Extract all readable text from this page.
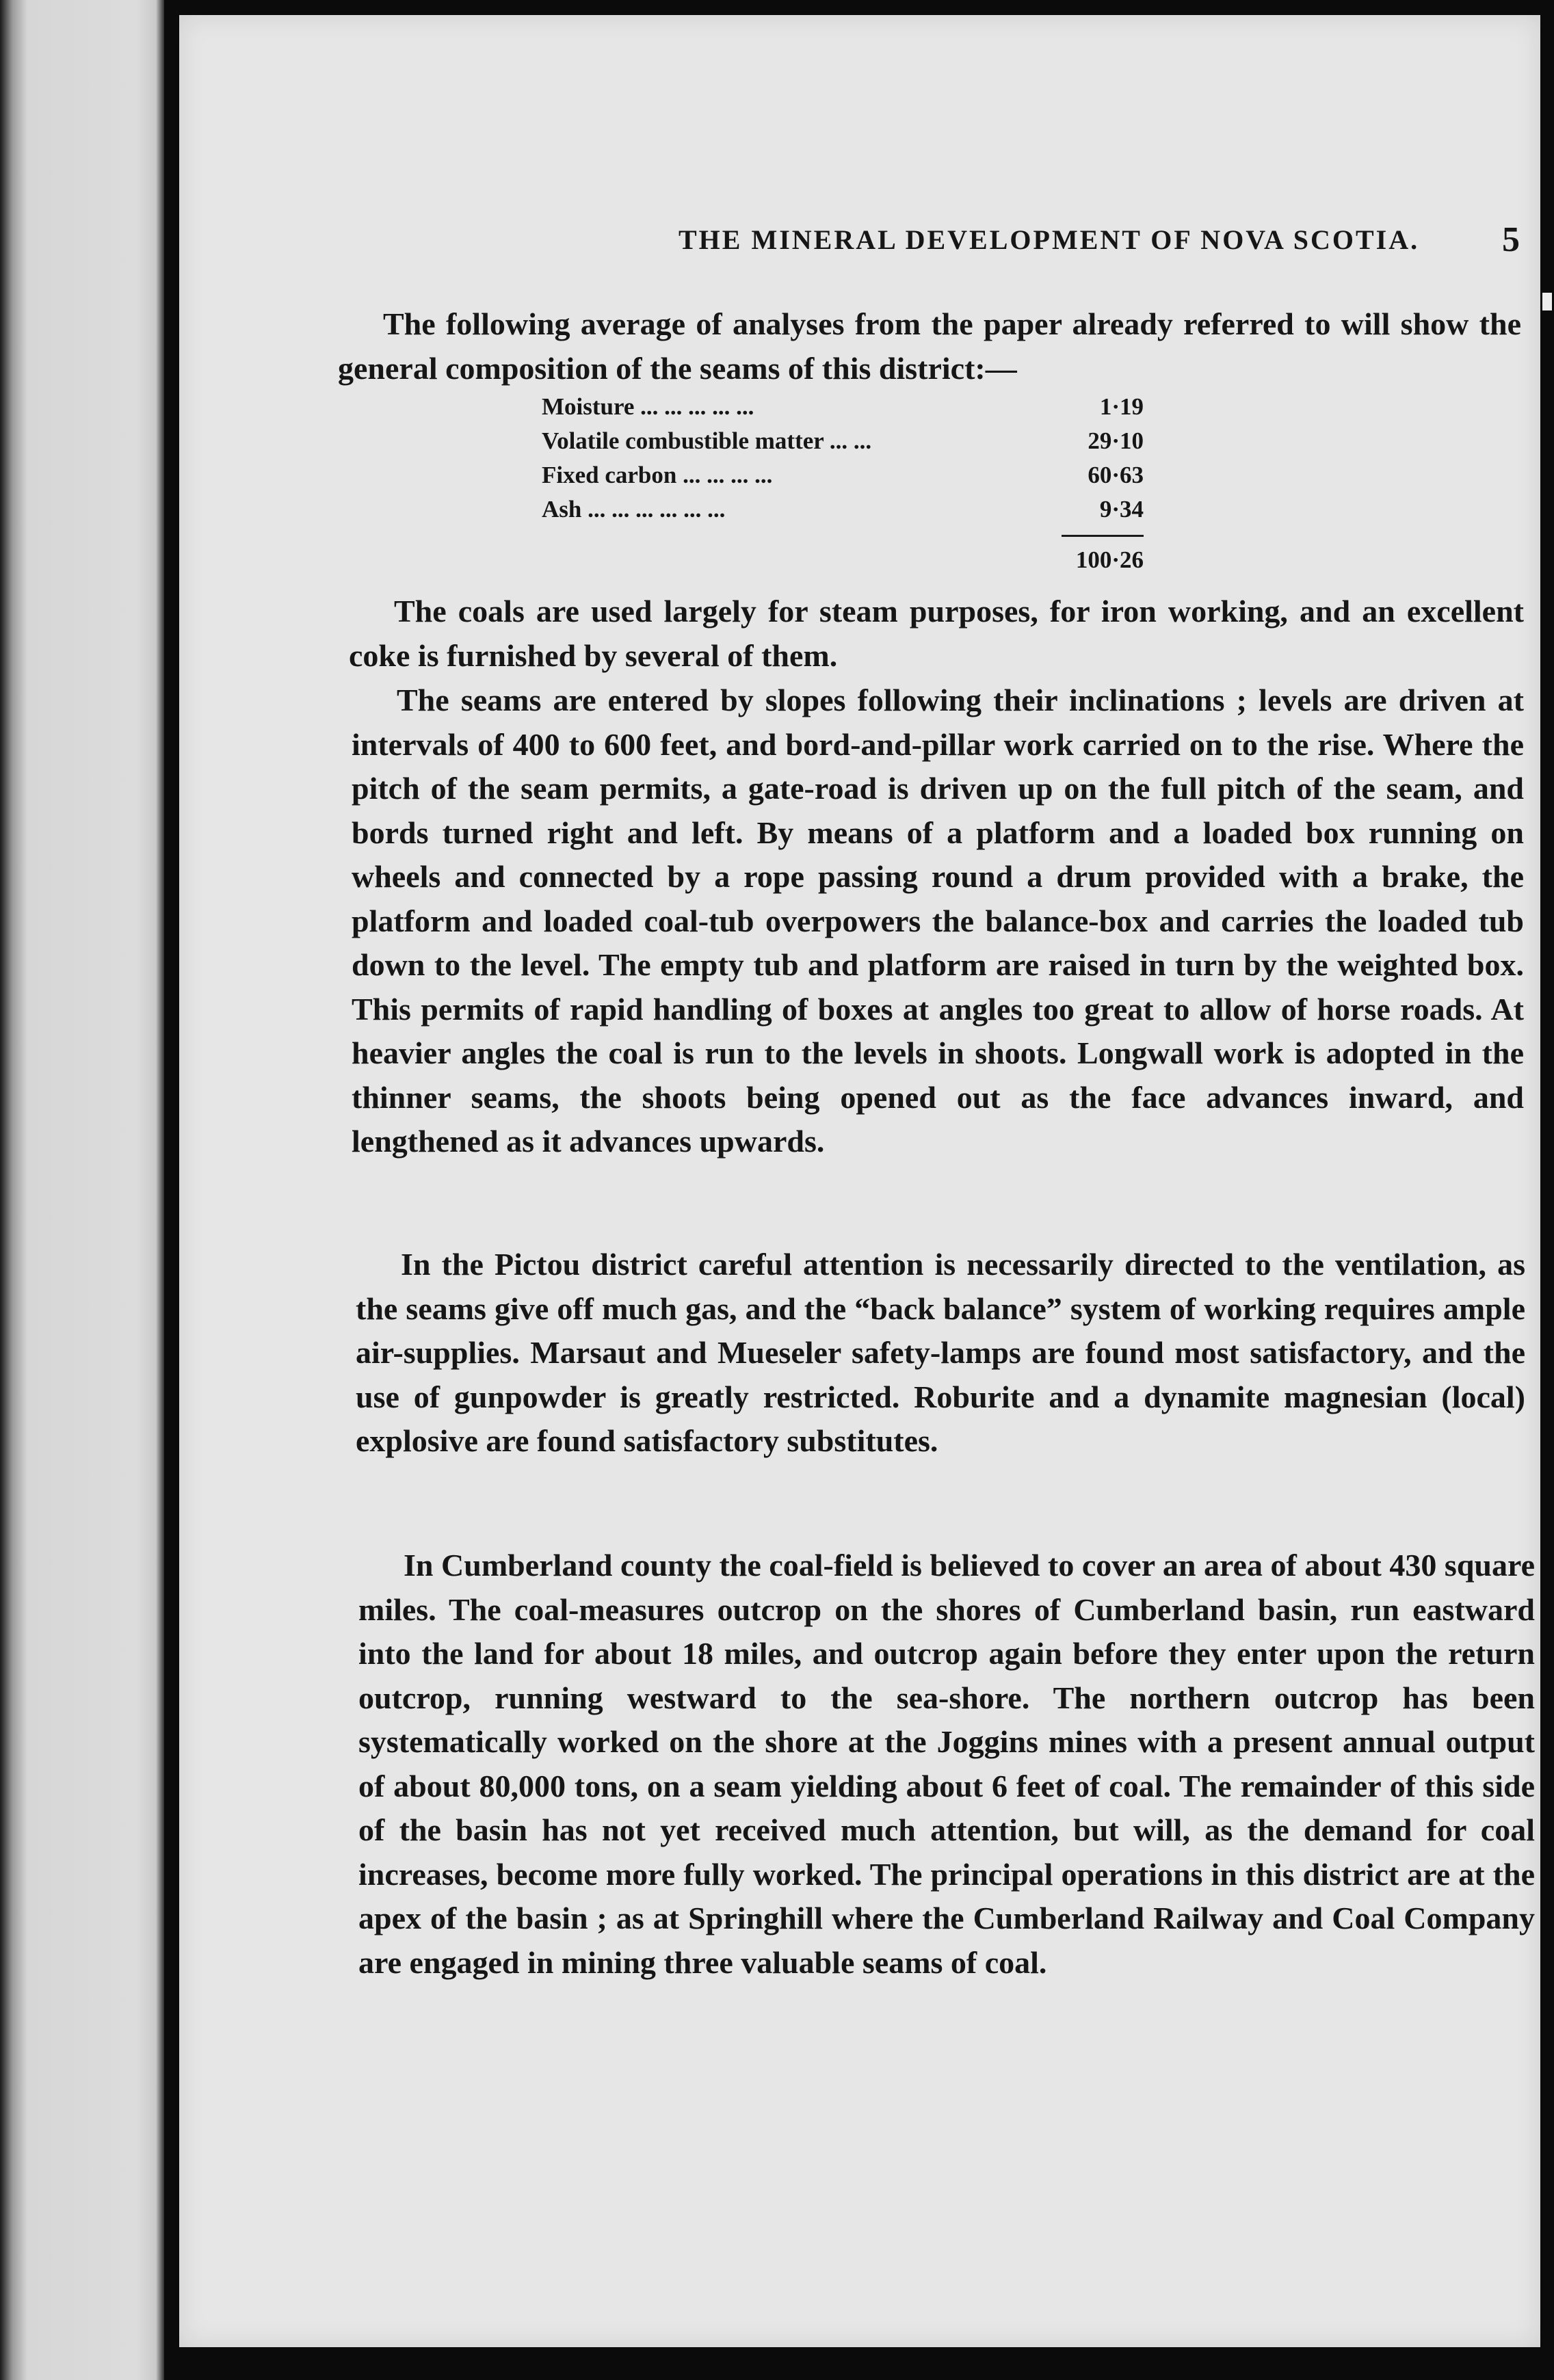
THE MINERAL DEVELOPMENT OF NOVA SCOTIA. 5

The following average of analyses from the paper already referred to will show the general composition of the seams of this district:—

Moisture ... ... ... ... ...	1·19
Volatile combustible matter ... ...	29·10
Fixed carbon ... ... ... ...	60·63
Ash ... ... ... ... ... ...	9·34
100·26

The coals are used largely for steam purposes, for iron working, and an excellent coke is furnished by several of them.

The seams are entered by slopes following their inclinations ; levels are driven at intervals of 400 to 600 feet, and bord-and-pillar work carried on to the rise. Where the pitch of the seam permits, a gate-road is driven up on the full pitch of the seam, and bords turned right and left. By means of a platform and a loaded box running on wheels and connected by a rope passing round a drum provided with a brake, the platform and loaded coal-tub overpowers the balance-box and carries the loaded tub down to the level. The empty tub and platform are raised in turn by the weighted box. This permits of rapid handling of boxes at angles too great to allow of horse roads. At heavier angles the coal is run to the levels in shoots. Longwall work is adopted in the thinner seams, the shoots being opened out as the face advances inward, and lengthened as it advances upwards.

In the Pictou district careful attention is necessarily directed to the ventilation, as the seams give off much gas, and the “back balance” system of working requires ample air-supplies. Marsaut and Mueseler safety-lamps are found most satisfactory, and the use of gunpowder is greatly restricted. Roburite and a dynamite magnesian (local) explosive are found satisfactory substitutes.

In Cumberland county the coal-field is believed to cover an area of about 430 square miles. The coal-measures outcrop on the shores of Cumberland basin, run eastward into the land for about 18 miles, and outcrop again before they enter upon the return outcrop, running westward to the sea-shore. The northern outcrop has been systematically worked on the shore at the Joggins mines with a present annual output of about 80,000 tons, on a seam yielding about 6 feet of coal. The remainder of this side of the basin has not yet received much attention, but will, as the demand for coal increases, become more fully worked. The principal operations in this district are at the apex of the basin ; as at Springhill where the Cumberland Railway and Coal Company are engaged in mining three valuable seams of coal.
